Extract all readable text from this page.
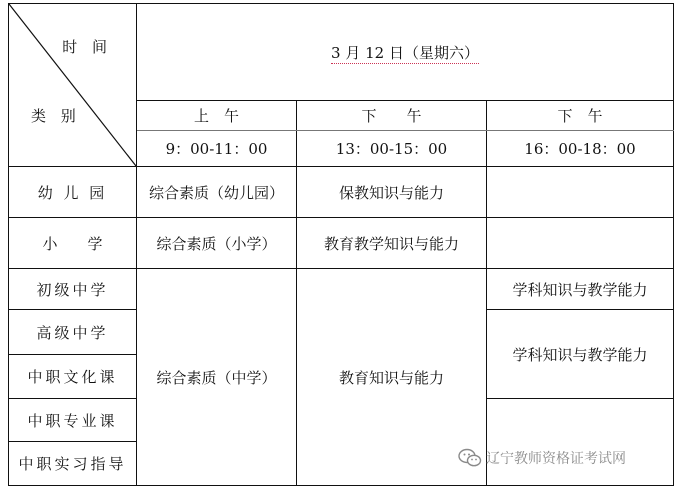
时 间
类 别	3 月 12 日（星期六）		
	上　午	下　　午	下　午
	9：00-11：00	13：00-15：00	16：00-18：00
幼 儿 园	综合素质（幼儿园）	保教知识与能力	
小　　学	综合素质（小学）	教育教学知识与能力	
初级中学	综合素质（中学）	教育知识与能力	学科知识与教学能力
高级中学			学科知识与教学能力
中职文化课			
中职专业课			
中职实习指导				辽宁教师资格证考试网
